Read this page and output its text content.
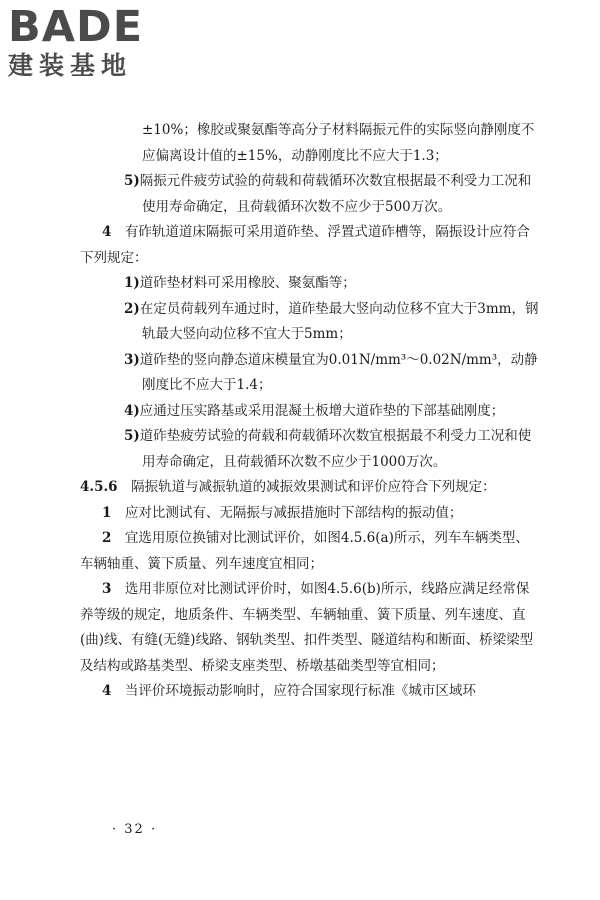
BADE
建装基地

±10%；橡胶或聚氨酯等高分子材料隔振元件的实际竖向静刚度不应偏离设计值的±15%，动静刚度比不应大于1.3；

5)隔振元件疲劳试验的荷载和荷载循环次数宜根据最不利受力工况和使用寿命确定，且荷载循环次数不应少于500万次。

4　 有砟轨道道床隔振可采用道砟垫、浮置式道砟槽等，隔振设计应符合下列规定：

1)道砟垫材料可采用橡胶、聚氨酯等；

2)在定员荷载列车通过时，道砟垫最大竖向动位移不宜大于3mm，钢轨最大竖向动位移不宜大于5mm；

3)道砟垫的竖向静态道床模量宜为0.01N/mm³～0.02N/mm³，动静刚度比不应大于1.4；

4)应通过压实路基或采用混凝土板增大道砟垫的下部基础刚度；

5)道砟垫疲劳试验的荷载和荷载循环次数宜根据最不利受力工况和使用寿命确定，且荷载循环次数不应少于1000万次。

4.5.6　 隔振轨道与减振轨道的减振效果测试和评价应符合下列规定：

1　 应对比测试有、无隔振与减振措施时下部结构的振动值；

2　 宜选用原位换铺对比测试评价，如图4.5.6(a)所示，列车车辆类型、车辆轴重、簧下质量、列车速度宜相同；

3　 选用非原位对比测试评价时，如图4.5.6(b)所示，线路应满足经常保养等级的规定，地质条件、车辆类型、车辆轴重、簧下质量、列车速度、直(曲)线、有缝(无缝)线路、钢轨类型、扣件类型、隧道结构和断面、桥梁梁型及结构或路基类型、桥梁支座类型、桥墩基础类型等宜相同；

4　 当评价环境振动影响时，应符合国家现行标准《城市区域环

· 32 ·
